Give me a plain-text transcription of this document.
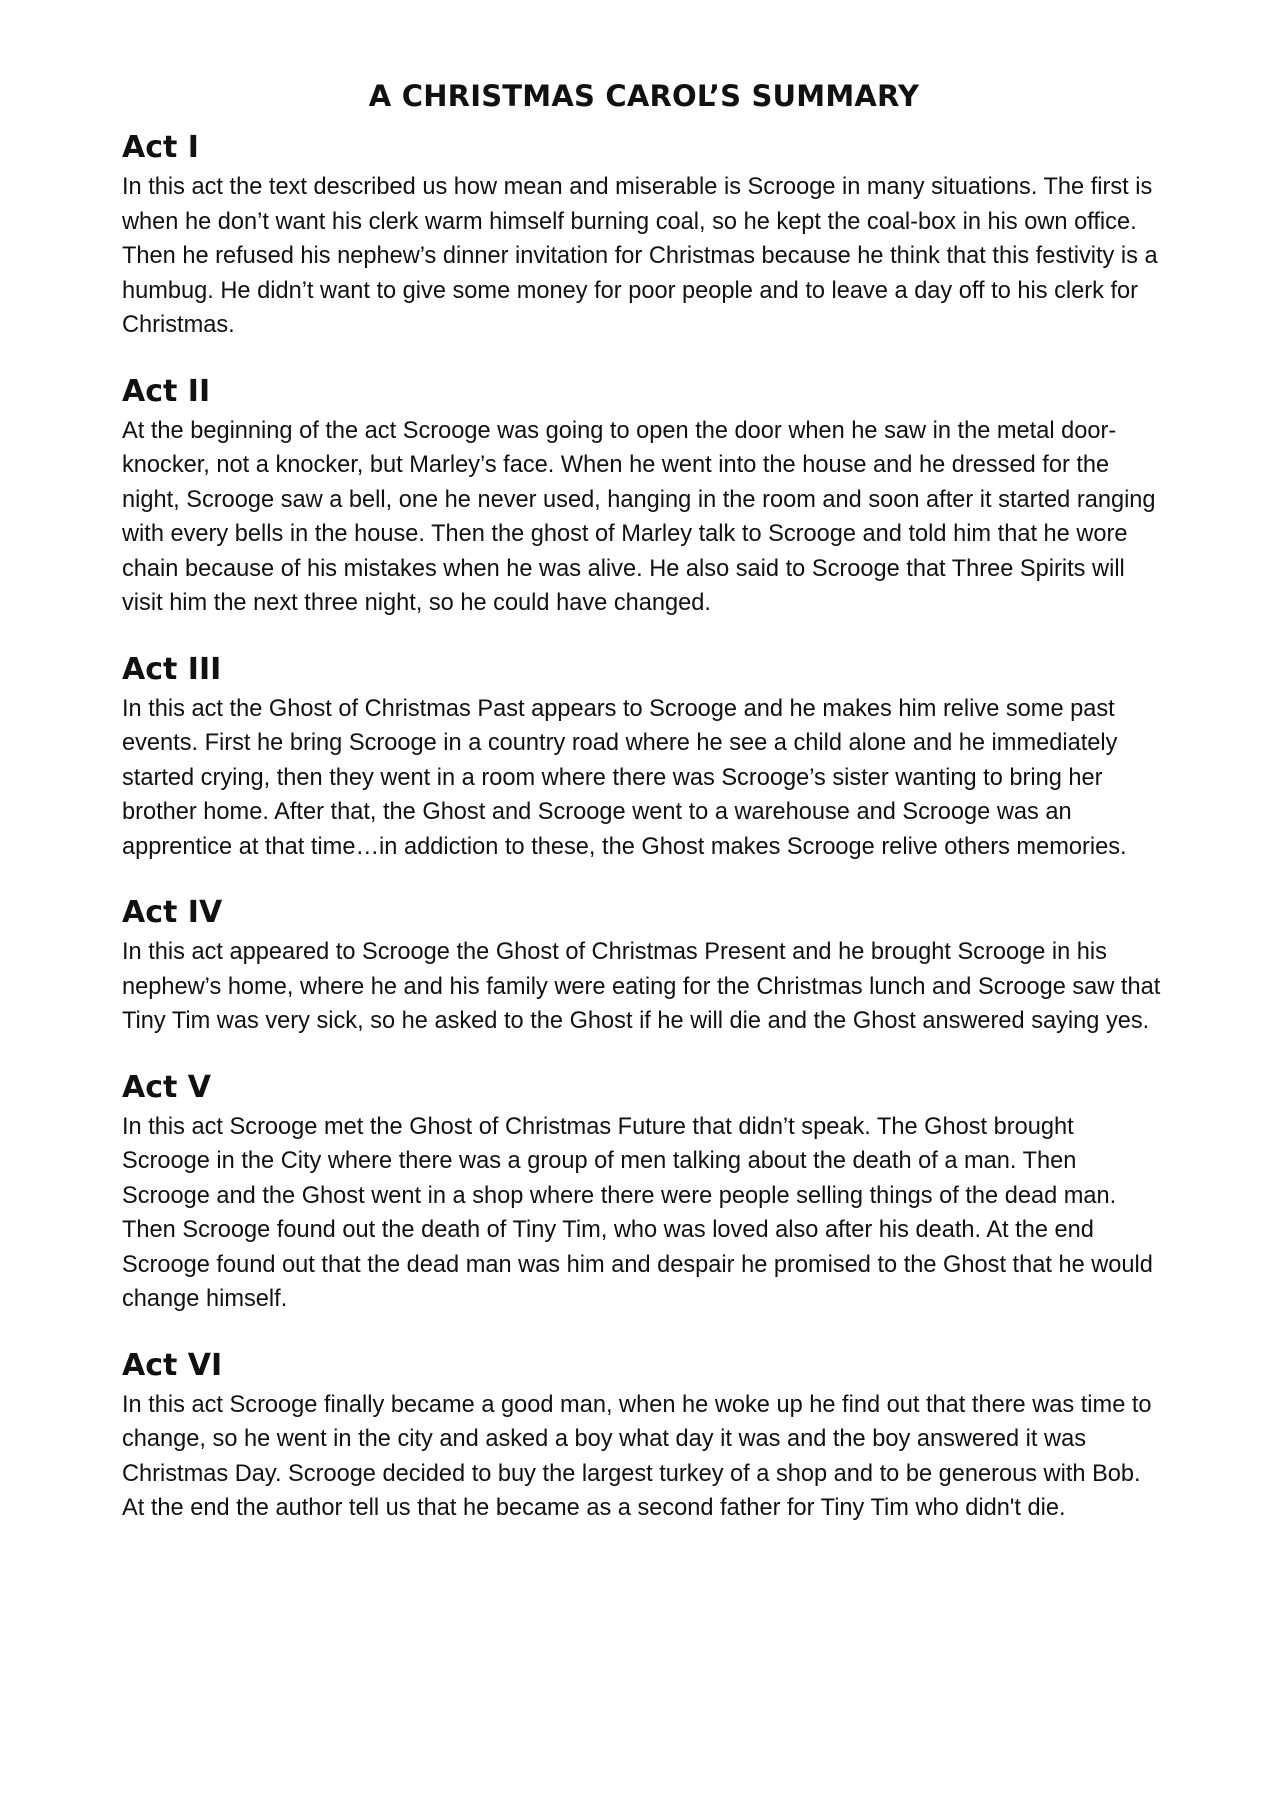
A CHRISTMAS CAROL’S SUMMARY
Act I

In this act the text described us how mean and miserable is Scrooge in many situations. The first is when he don’t want his clerk warm himself burning coal, so he kept the coal-box in his own office. Then he refused his nephew’s dinner invitation for Christmas because he think that this festivity is a humbug. He didn’t want to give some money for poor people and to leave a day off to his clerk for Christmas.

Act II

At the beginning of the act Scrooge was going to open the door when he saw in the metal door-knocker, not a knocker, but Marley’s face. When he went into the house and he dressed for the night, Scrooge saw a bell, one he never used, hanging in the room and soon after it started ranging with every bells in the house. Then the ghost of Marley talk to Scrooge and told him that he wore chain because of his mistakes when he was alive. He also said to Scrooge that Three Spirits will visit him the next three night, so he could have changed.

Act III

In this act the Ghost of Christmas Past appears to Scrooge and he makes him relive some past events. First he bring Scrooge in a country road where he see a child alone and he immediately started crying, then they went in a room where there was Scrooge’s sister wanting to bring her brother home. After that, the Ghost and Scrooge went to a warehouse and Scrooge was an apprentice at that time…in addiction to these, the Ghost makes Scrooge relive others memories.

Act IV

In this act appeared to Scrooge the Ghost of Christmas Present and he brought Scrooge in his nephew’s home, where he and his family were eating for the Christmas lunch and Scrooge saw that Tiny Tim was very sick, so he asked to the Ghost if he will die and the Ghost answered saying yes.

Act V

In this act Scrooge met the Ghost of Christmas Future that didn’t speak. The Ghost brought Scrooge in the City where there was a group of men talking about the death of a man. Then Scrooge and the Ghost went in a shop where there were people selling things of the dead man. Then Scrooge found out the death of Tiny Tim, who was loved also after his death. At the end Scrooge found out that the dead man was him and despair he promised to the Ghost that he would change himself.

Act VI

In this act Scrooge finally became a good man, when he woke up he find out that there was time to change, so he went in the city and asked a boy what day it was and the boy answered it was Christmas Day. Scrooge decided to buy the largest turkey of a shop and to be generous with Bob. At the end the author tell us that he became as a second father for Tiny Tim who didn't die.
